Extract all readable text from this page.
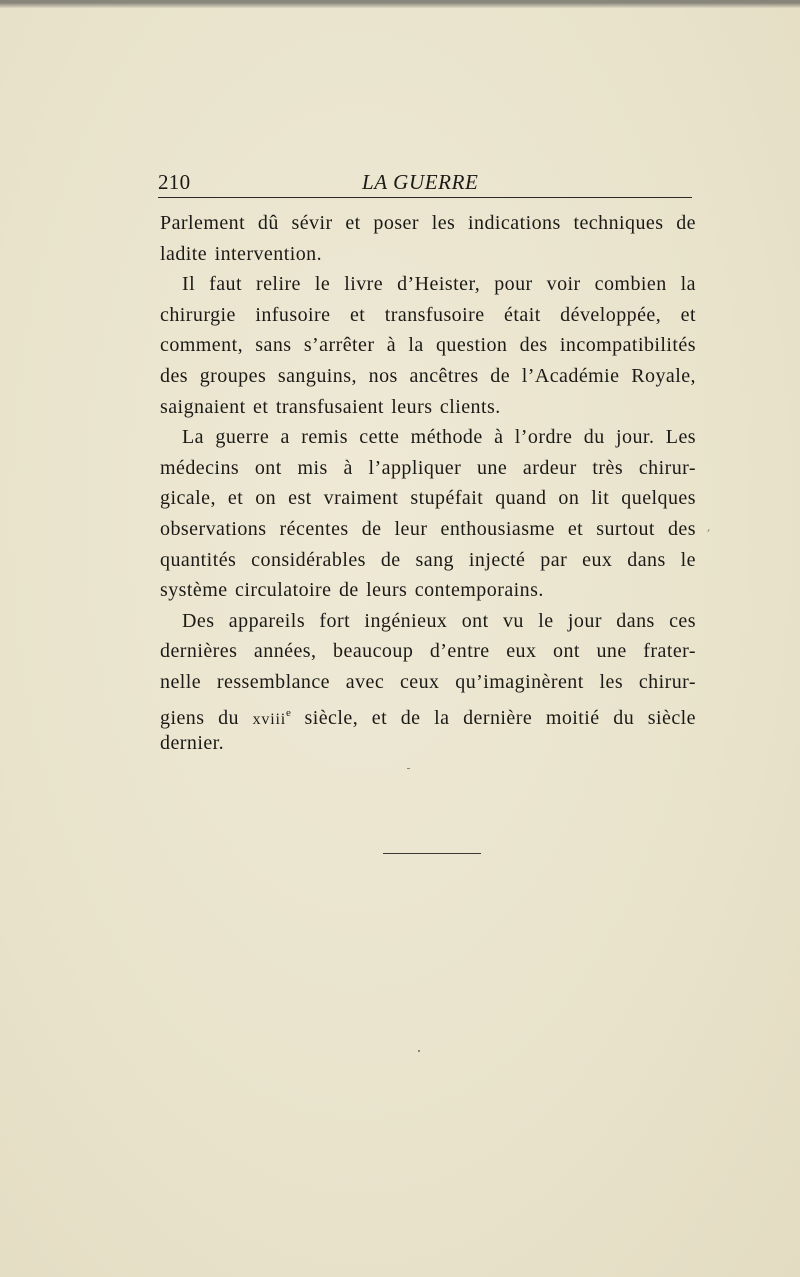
210	LA GUERRE
Parlement dû sévir et poser les indications techniques de
ladite intervention.
Il faut relire le livre d’Heister, pour voir combien la
chirurgie infusoire et transfusoire était développée, et
comment, sans s’arrêter à la question des incompatibilités
des groupes sanguins, nos ancêtres de l’Académie Royale,
saignaient et transfusaient leurs clients.
La guerre a remis cette méthode à l’ordre du jour. Les
médecins ont mis à l’appliquer une ardeur très chirur-
gicale, et on est vraiment stupéfait quand on lit quelques
observations récentes de leur enthousiasme et surtout des
quantités considérables de sang injecté par eux dans le
système circulatoire de leurs contemporains.
Des appareils fort ingénieux ont vu le jour dans ces
dernières années, beaucoup d’entre eux ont une frater-
nelle ressemblance avec ceux qu’imaginèrent les chirur-
giens du xviii$^e$ siècle, et de la dernière moitié du siècle
dernier.
